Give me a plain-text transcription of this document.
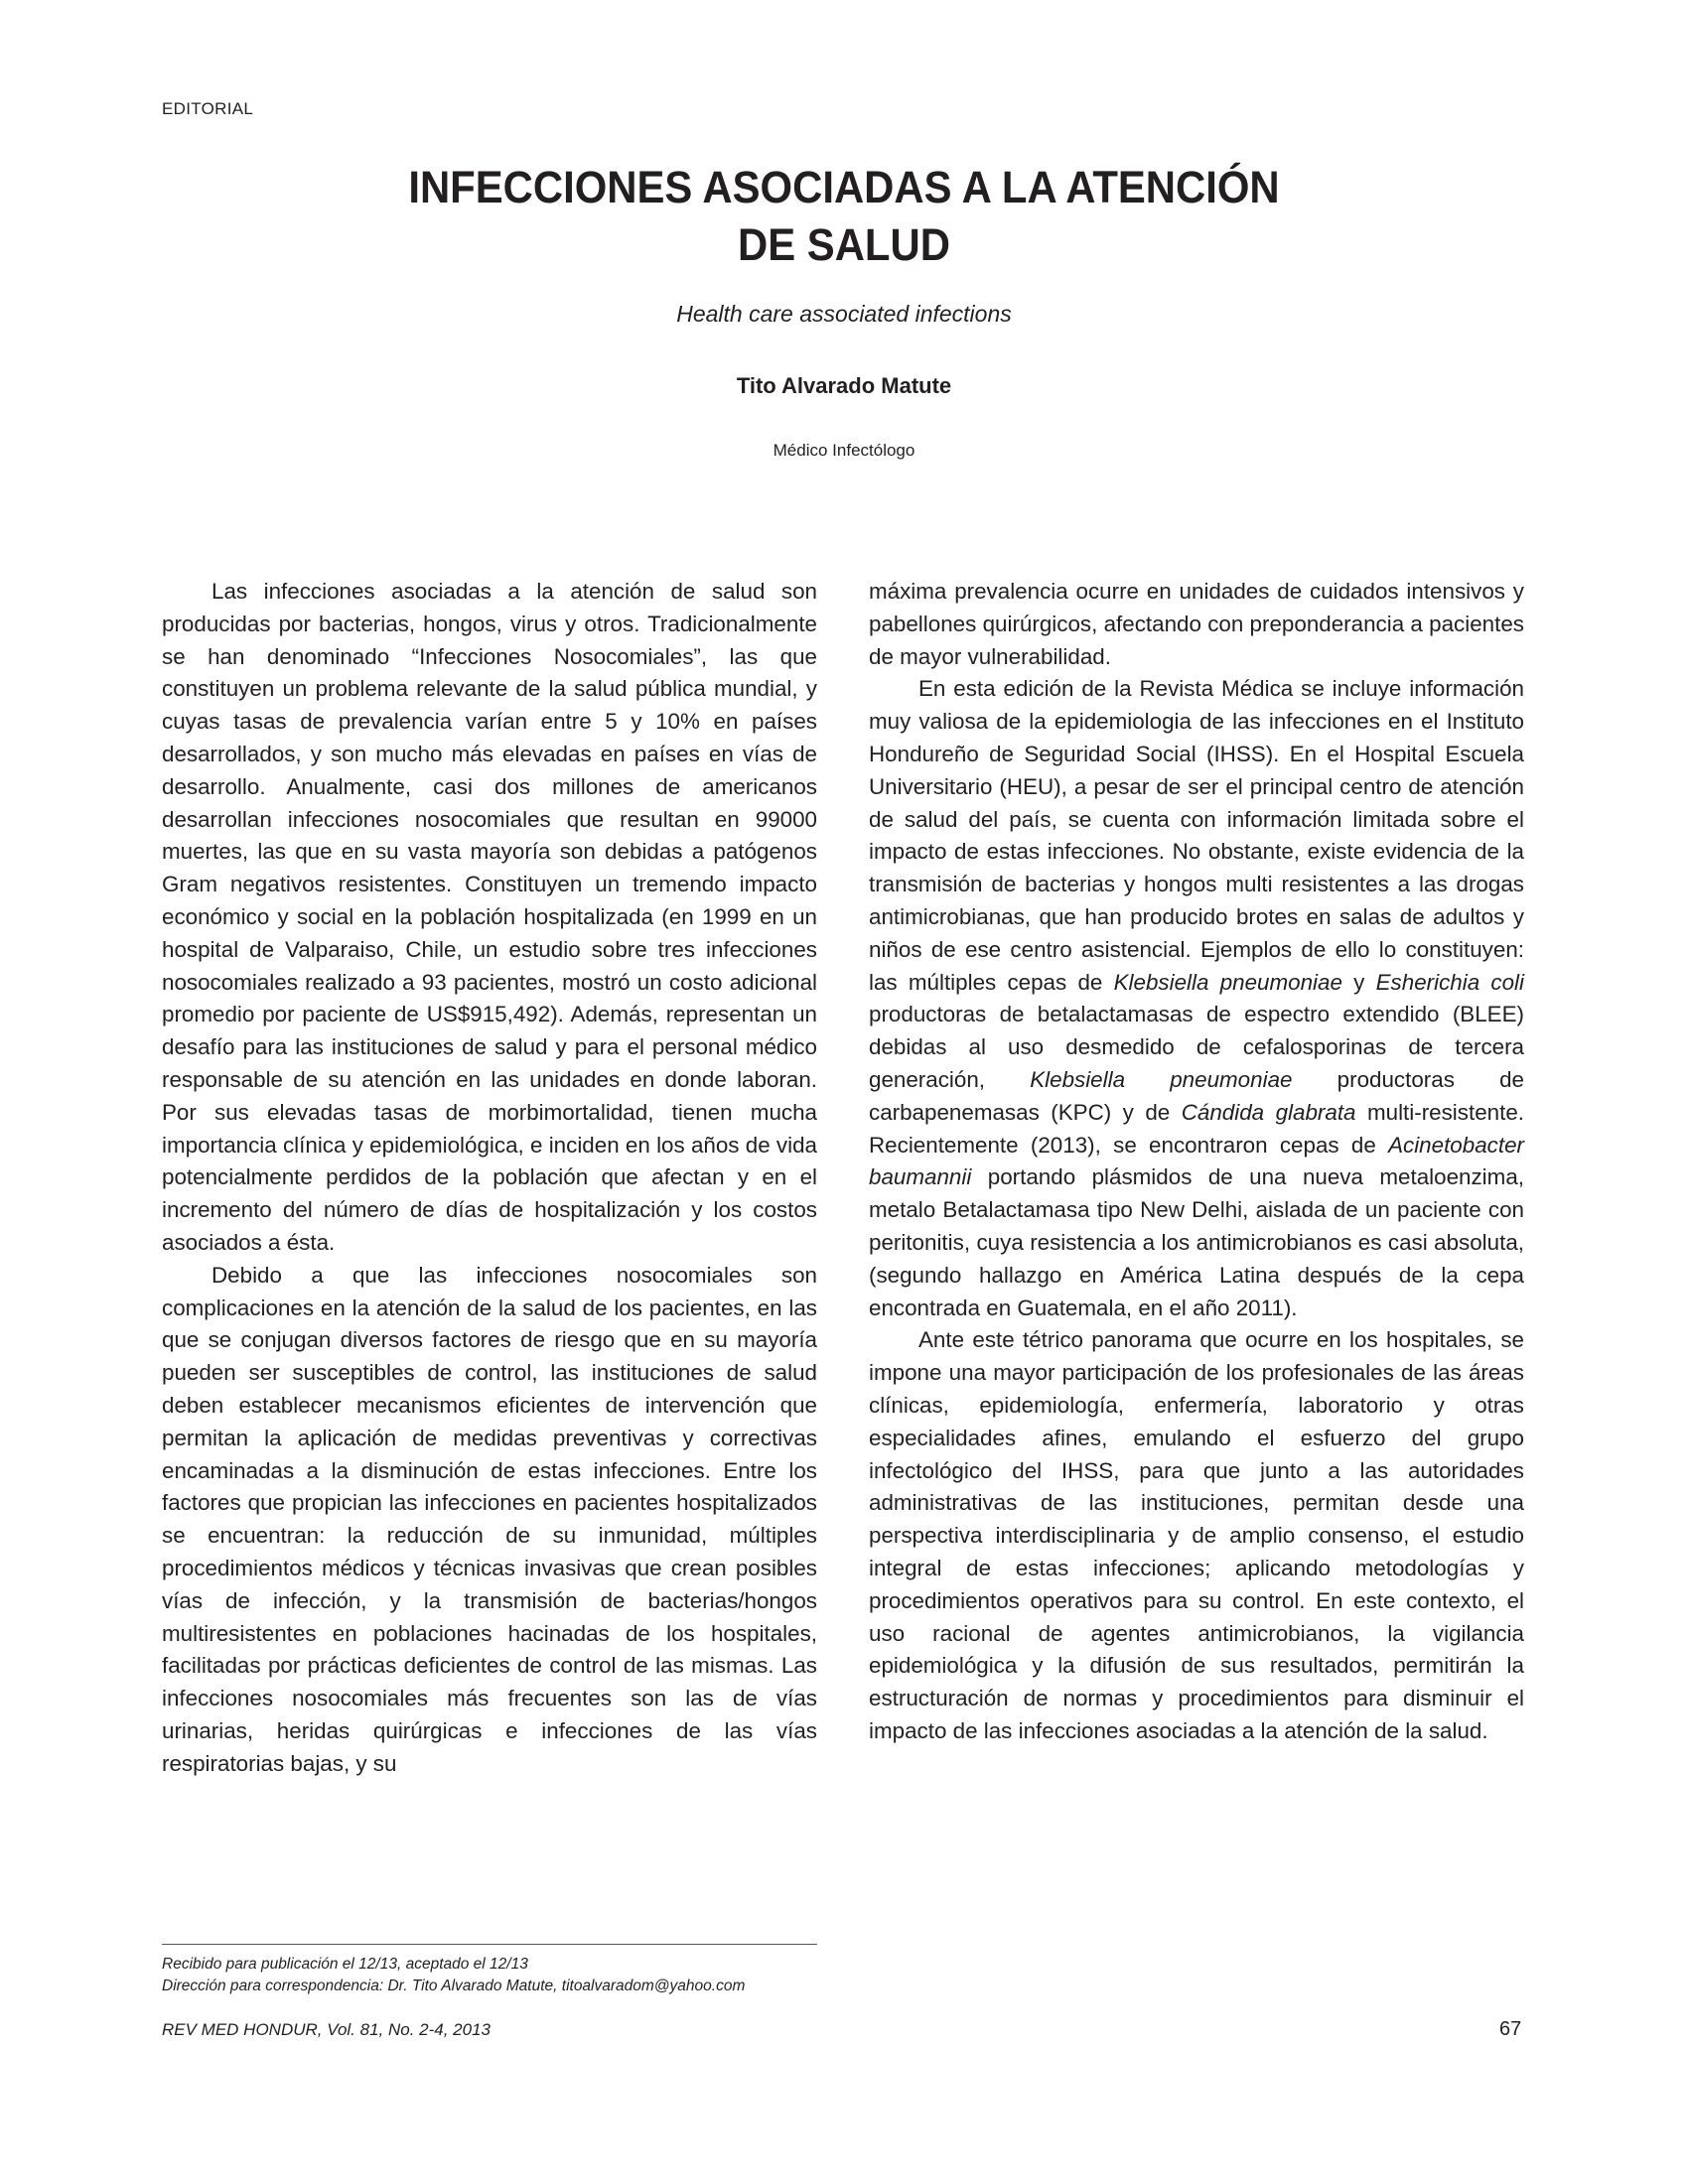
EDITORIAL
INFECCIONES ASOCIADAS A LA ATENCIÓN
DE SALUD
Health care associated infections
Tito Alvarado Matute
Médico Infectólogo

Las infecciones asociadas a la atención de salud son producidas por bacterias, hongos, virus y otros. Tradicionalmente se han denominado “Infecciones Nosocomiales”, las que constituyen un problema relevante de la salud pública mundial, y cuyas tasas de prevalencia varían entre 5 y 10% en países desarrollados, y son mucho más elevadas en países en vías de desarrollo. Anualmente, casi dos millones de americanos desarrollan infecciones nosocomiales que resultan en 99000 muertes, las que en su vasta mayoría son debidas a patógenos Gram negativos resistentes. Constituyen un tremendo impacto económico y social en la población hospitalizada (en 1999 en un hospital de Valparaiso, Chile, un estudio sobre tres infecciones nosocomiales realizado a 93 pacientes, mostró un costo adicional promedio por paciente de US$915,492). Además, representan un desafío para las instituciones de salud y para el personal médico responsable de su atención en las unidades en donde laboran. Por sus elevadas tasas de morbimortalidad, tienen mucha importancia clínica y epidemiológica, e inciden en los años de vida potencialmente perdidos de la población que afectan y en el incremento del número de días de hospitalización y los costos asociados a ésta.

Debido a que las infecciones nosocomiales son complicaciones en la atención de la salud de los pacientes, en las que se conjugan diversos factores de riesgo que en su mayoría pueden ser susceptibles de control, las instituciones de salud deben establecer mecanismos eficientes de intervención que permitan la aplicación de medidas preventivas y correctivas encaminadas a la disminución de estas infecciones. Entre los factores que propician las infecciones en pacientes hospitalizados se encuentran: la reducción de su inmunidad, múltiples procedimientos médicos y técnicas invasivas que crean posibles vías de infección, y la transmisión de bacterias/hongos multiresistentes en poblaciones hacinadas de los hospitales, facilitadas por prácticas deficientes de control de las mismas. Las infecciones nosocomiales más frecuentes son las de vías urinarias, heridas quirúrgicas e infecciones de las vías respiratorias bajas, y su

máxima prevalencia ocurre en unidades de cuidados intensivos y pabellones quirúrgicos, afectando con preponderancia a pacientes de mayor vulnerabilidad.

En esta edición de la Revista Médica se incluye información muy valiosa de la epidemiologia de las infecciones en el Instituto Hondureño de Seguridad Social (IHSS). En el Hospital Escuela Universitario (HEU), a pesar de ser el principal centro de atención de salud del país, se cuenta con información limitada sobre el impacto de estas infecciones. No obstante, existe evidencia de la transmisión de bacterias y hongos multi resistentes a las drogas antimicrobianas, que han producido brotes en salas de adultos y niños de ese centro asistencial. Ejemplos de ello lo constituyen: las múltiples cepas de Klebsiella pneumoniae y Esherichia coli productoras de betalactamasas de espectro extendido (BLEE) debidas al uso desmedido de cefalosporinas de tercera generación, Klebsiella pneumoniae productoras de carbapenemasas (KPC) y de Cándida glabrata multi-resistente. Recientemente (2013), se encontraron cepas de Acinetobacter baumannii portando plásmidos de una nueva metaloenzima, metalo Betalactamasa tipo New Delhi, aislada de un paciente con peritonitis, cuya resistencia a los antimicrobianos es casi absoluta, (segundo hallazgo en América Latina después de la cepa encontrada en Guatemala, en el año 2011).

Ante este tétrico panorama que ocurre en los hospitales, se impone una mayor participación de los profesionales de las áreas clínicas, epidemiología, enfermería, laboratorio y otras especialidades afines, emulando el esfuerzo del grupo infectológico del IHSS, para que junto a las autoridades administrativas de las instituciones, permitan desde una perspectiva interdisciplinaria y de amplio consenso, el estudio integral de estas infecciones; aplicando metodologías y procedimientos operativos para su control. En este contexto, el uso racional de agentes antimicrobianos, la vigilancia epidemiológica y la difusión de sus resultados, permitirán la estructuración de normas y procedimientos para disminuir el impacto de las infecciones asociadas a la atención de la salud.

Recibido para publicación el 12/13, aceptado el 12/13
Dirección para correspondencia: Dr. Tito Alvarado Matute, titoalvaradom@yahoo.com
REV MED HONDUR, Vol. 81, No. 2-4, 2013	67
